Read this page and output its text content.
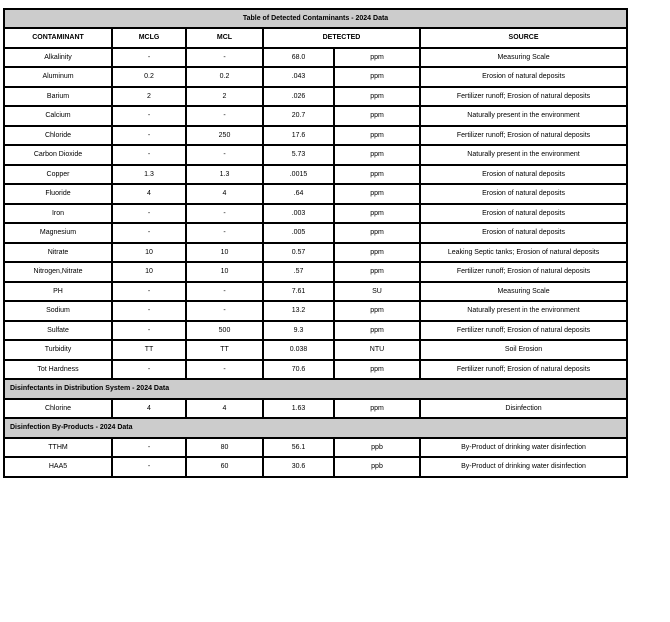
Table of Detected Contaminants - 2024 Data					
CONTAMINANT	MCLG	MCL	DETECTED		SOURCE
Alkalinity	-	-	68.0	ppm	Measuring Scale
Aluminum	0.2	0.2	.043	ppm	Erosion of natural deposits
Barium	2	2	.026	ppm	Fertilizer runoff; Erosion of natural deposits
Calcium	-	-	20.7	ppm	Naturally present in the environment
Chloride	-	250	17.6	ppm	Fertilizer runoff; Erosion of natural deposits
Carbon Dioxide	-	-	5.73	ppm	Naturally present in the environment
Copper	1.3	1.3	.0015	ppm	Erosion of natural deposits
Fluoride	4	4	.64	ppm	Erosion of natural deposits
Iron	-	-	.003	ppm	Erosion of natural deposits
Magnesium	-	-	.005	ppm	Erosion of natural deposits
Nitrate	10	10	0.57	ppm	Leaking Septic tanks; Erosion of natural deposits
Nitrogen,Nitrate	10	10	.57	ppm	Fertilizer runoff; Erosion of natural deposits
PH	-	-	7.61	SU	Measuring Scale
Sodium	-	-	13.2	ppm	Naturally present in the environment
Sulfate	-	500	9.3	ppm	Fertilizer runoff; Erosion of natural deposits
Turbidity	TT	TT	0.038	NTU	Soil Erosion
Tot Hardness	-	-	70.6	ppm	Fertilizer runoff; Erosion of natural deposits
Disinfectants in Distribution System - 2024 Data					
Chlorine	4	4	1.63	ppm	Disinfection
Disinfection By-Products - 2024 Data					
TTHM	-	80	56.1	ppb	By-Product of drinking water disinfection
HAA5	-	60	30.6	ppb	By-Product of drinking water disinfection
